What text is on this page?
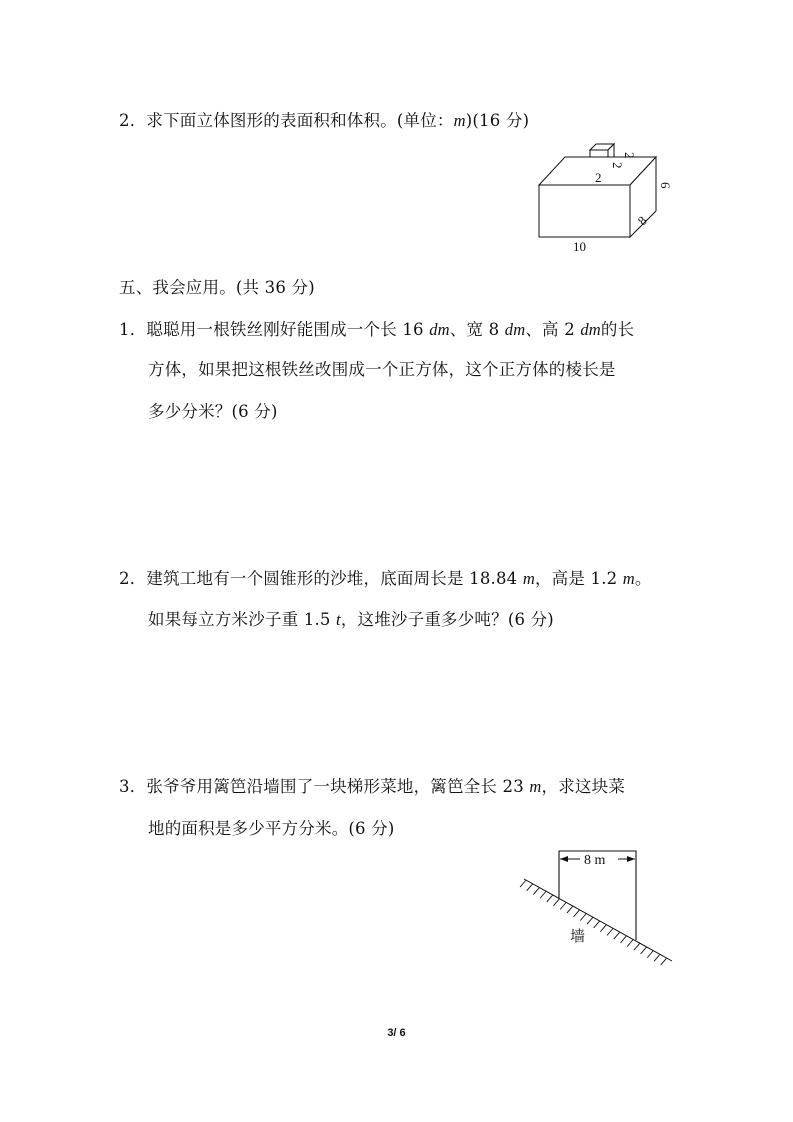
2．求下面立体图形的表面积和体积。(单位：m)(16 分)
2
2
2
6
8
10
五、我会应用。(共 36 分)
1．聪聪用一根铁丝刚好能围成一个长 16 dm、宽 8 dm、高 2 dm的长
方体，如果把这根铁丝改围成一个正方体，这个正方体的棱长是
多少分米？(6 分)
2．建筑工地有一个圆锥形的沙堆，底面周长是 18.84 m，高是 1.2 m。
如果每立方米沙子重 1.5 t，这堆沙子重多少吨？(6 分)
3．张爷爷用篱笆沿墙围了一块梯形菜地，篱笆全长 23 m，求这块菜
地的面积是多少平方分米。(6 分)
8 m
墙
3/ 6
